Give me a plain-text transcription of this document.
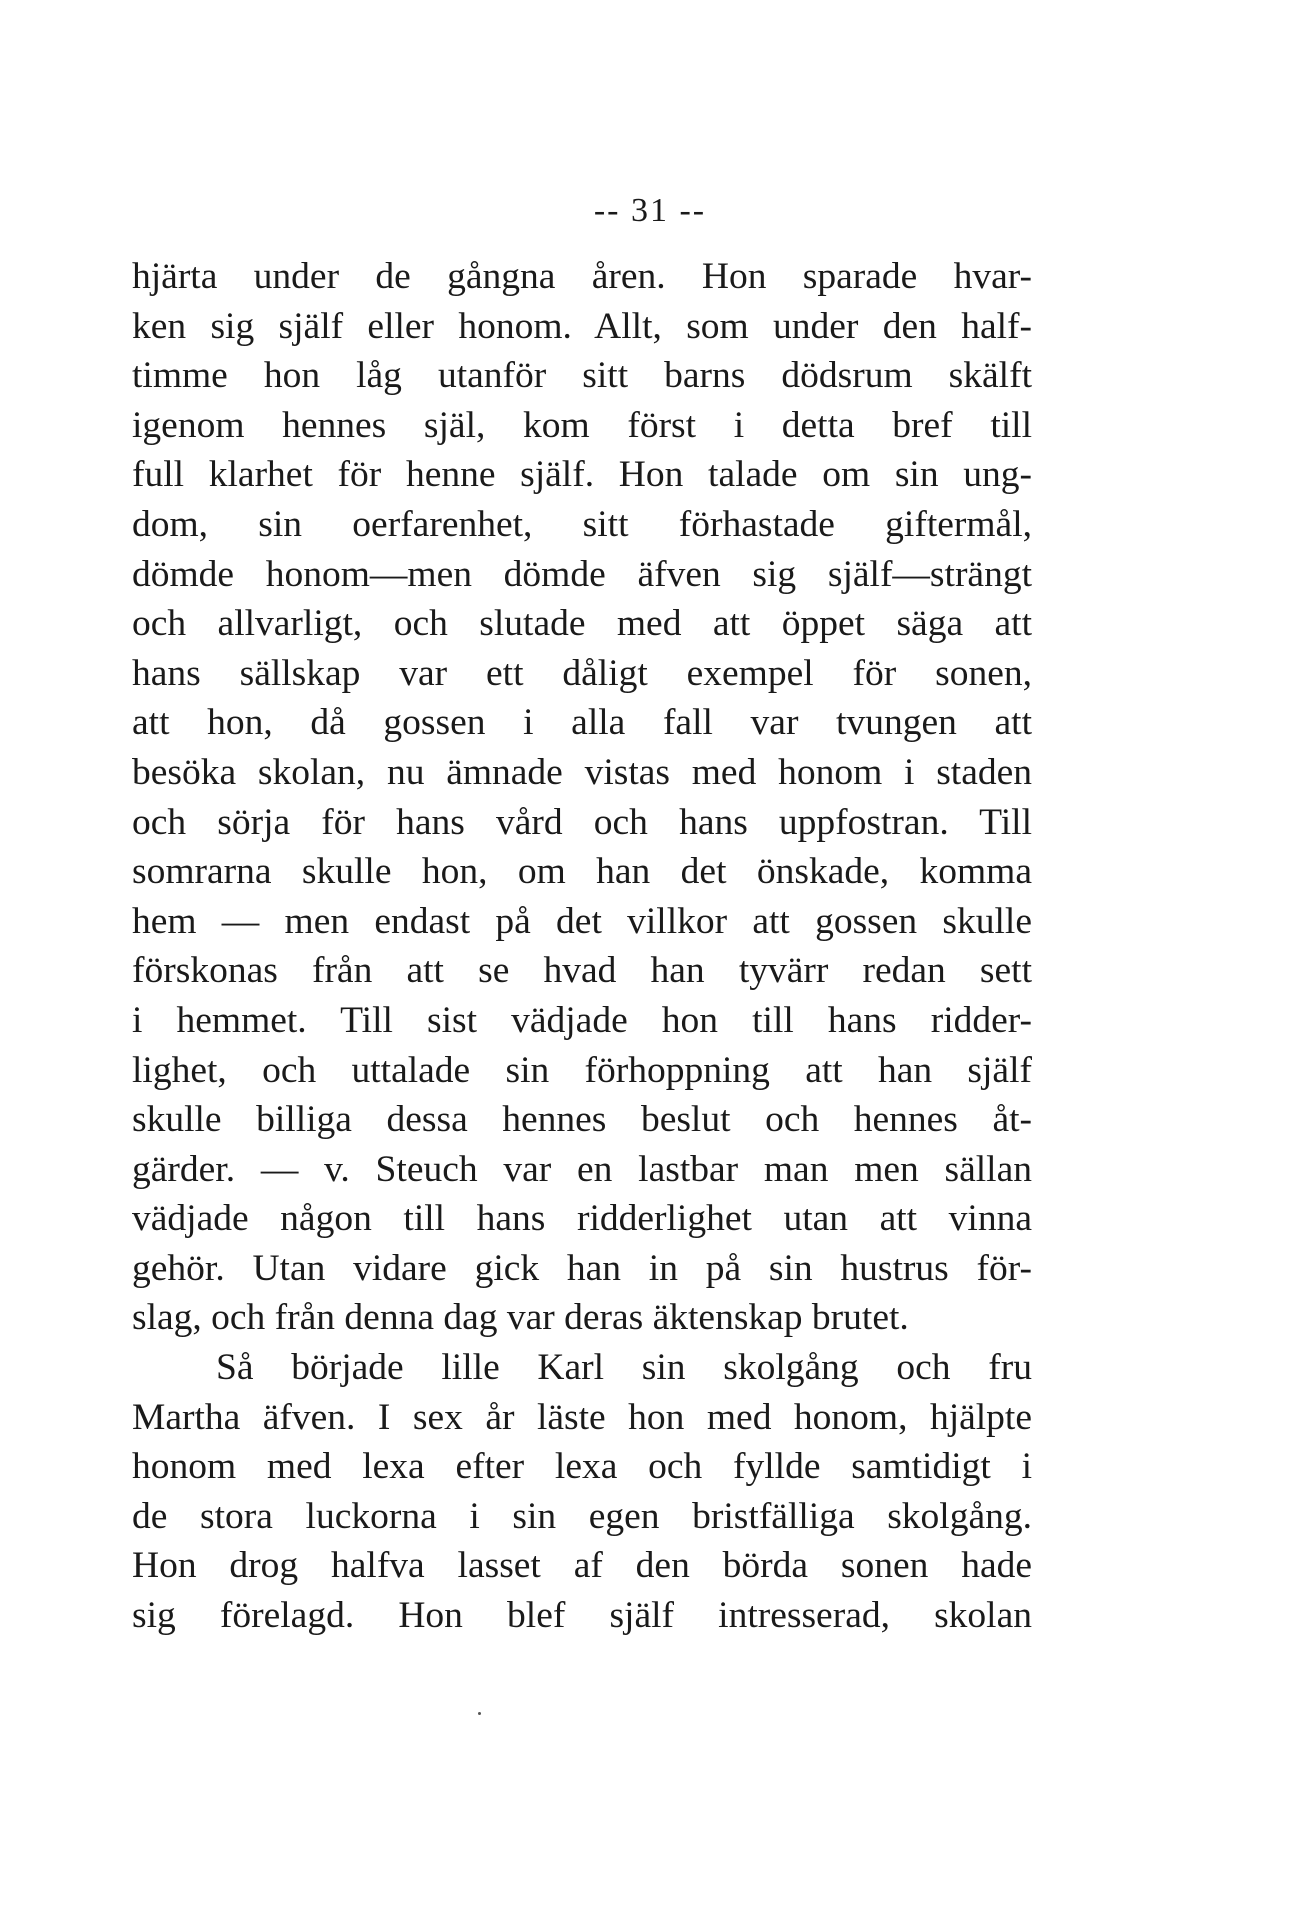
-- 31 --
hjärta under de gångna åren. Hon sparade hvar-
ken sig själf eller honom. Allt, som under den half-
timme hon låg utanför sitt barns dödsrum skälft
igenom hennes själ, kom först i detta bref till
full klarhet för henne själf. Hon talade om sin ung-
dom, sin oerfarenhet, sitt förhastade giftermål,
dömde honom—men dömde äfven sig själf—strängt
och allvarligt, och slutade med att öppet säga att
hans sällskap var ett dåligt exempel för sonen,
att hon, då gossen i alla fall var tvungen att
besöka skolan, nu ämnade vistas med honom i staden
och sörja för hans vård och hans uppfostran. Till
somrarna skulle hon, om han det önskade, komma
hem — men endast på det villkor att gossen skulle
förskonas från att se hvad han tyvärr redan sett
i hemmet. Till sist vädjade hon till hans ridder-
lighet, och uttalade sin förhoppning att han själf
skulle billiga dessa hennes beslut och hennes åt-
gärder. — v. Steuch var en lastbar man men sällan
vädjade någon till hans ridderlighet utan att vinna
gehör. Utan vidare gick han in på sin hustrus för-
slag, och från denna dag var deras äktenskap brutet.
Så började lille Karl sin skolgång och fru
Martha äfven. I sex år läste hon med honom, hjälpte
honom med lexa efter lexa och fyllde samtidigt i
de stora luckorna i sin egen bristfälliga skolgång.
Hon drog halfva lasset af den börda sonen hade
sig förelagd. Hon blef själf intresserad, skolan
